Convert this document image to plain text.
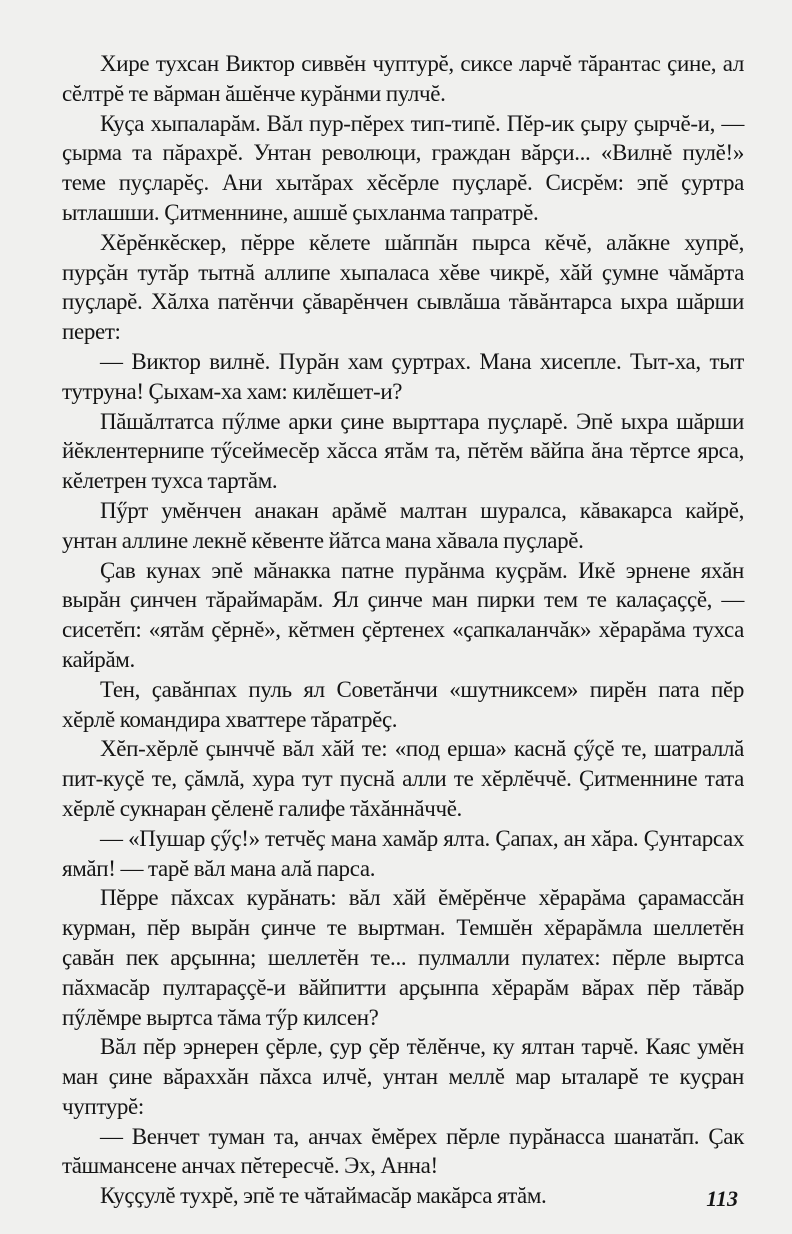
Хире тухсан Виктор сиввĕн чуптурĕ, сиксе ларчĕ тăрантас ҫине, ал сĕлтрĕ те вăрман ăшĕнче курăнми пулчĕ.

Куҫа хыпаларăм. Вăл пур-пĕрех тип-типĕ. Пĕр-ик ҫыру ҫырчĕ-и, — ҫырма та пăрахрĕ. Унтан революци, граждан вăрҫи... «Вилнĕ пулĕ!» теме пуҫларĕҫ. Ани хытăрах хĕсĕрле пуҫларĕ. Сисрĕм: эпĕ ҫуртра ытлашши. Ҫитменнине, ашшĕ ҫыхланма тапратрĕ.

Хĕрĕнкĕскер, пĕрре кĕлете шăппăн пырса кĕчĕ, алăкне хупрĕ, пурҫăн тутăр тытнă аллипе хыпаласа хĕве чикрĕ, хăй ҫумне чăмăрта пуҫларĕ. Хăлха патĕнчи ҫăварĕнчен сывлăша тăвăнтарса ыхра шăрши перет:

— Виктор вилнĕ. Пурăн хам ҫуртрах. Мана хисепле. Тыт-ха, тыт тутруна! Ҫыхам-ха хам: килĕшет-и?

Пăшăлтатса пӳлме арки ҫине вырттара пуҫларĕ. Эпĕ ыхра шăрши йĕклентернипе тӳсеймесĕр хăсса ятăм та, пĕтĕм вăйпа ăна тĕртсе ярса, кĕлетрен тухса тартăм.

Пӳрт умĕнчен анакан арăмĕ малтан шуралса, кăвакарса кайрĕ, унтан аллине лекнĕ кĕвенте йăтса мана хăвала пуҫларĕ.

Ҫав кунах эпĕ мăнакка патне пурăнма куҫрăм. Икĕ эрнене яхăн вырăн ҫинчен тăраймарăм. Ял ҫинче ман пирки тем те калаҫаҫҫĕ, — сисетĕп: «ятăм ҫĕрнĕ», кĕтмен ҫĕртенех «ҫапкаланчăк» хĕрарăма тухса кайрăм.

Тен, ҫавăнпах пуль ял Советăнчи «шутниксем» пирĕн пата пĕр хĕрлĕ командира хваттере тăратрĕҫ.

Хĕп-хĕрлĕ ҫынччĕ вăл хăй те: «под ерша» каснă ҫӳҫĕ те, шатраллă пит-куҫĕ те, ҫăмлă, хура тут пуснă алли те хĕрлĕччĕ. Ҫитменнине тата хĕрлĕ сукнаран ҫĕленĕ галифе тăхăннăччĕ.

— «Пушар ҫӳҫ!» тетчĕҫ мана хамăр ялта. Ҫапах, ан хăра. Ҫунтарсах ямăп! — тарĕ вăл мана алă парса.

Пĕрре пăхсах курăнать: вăл хăй ĕмĕрĕнче хĕрарăма ҫарамассăн курман, пĕр вырăн ҫинче те выртман. Темшĕн хĕрарăмла шеллетĕн ҫавăн пек арҫынна; шеллетĕн те... пулмалли пулатех: пĕрле выртса пăхмасăр пултараççĕ-и вăйпитти арҫынпа хĕрарăм вăрах пĕр тăвăр пӳлĕмре выртса тăма тӳр килсен?

Вăл пĕр эрнерен ҫĕрле, ҫур ҫĕр тĕлĕнче, ку ялтан тарчĕ. Каяс умĕн ман ҫине вăраххăн пăхса илчĕ, унтан меллĕ мар ыталарĕ те куҫран чуптурĕ:

— Венчет туман та, анчах ĕмĕрех пĕрле пурăнасса шанатăп. Ҫак тăшмансене анчах пĕтересчĕ. Эх, Анна!

Куҫҫулĕ тухрĕ, эпĕ те чăтаймасăр макăрса ятăм.	113
